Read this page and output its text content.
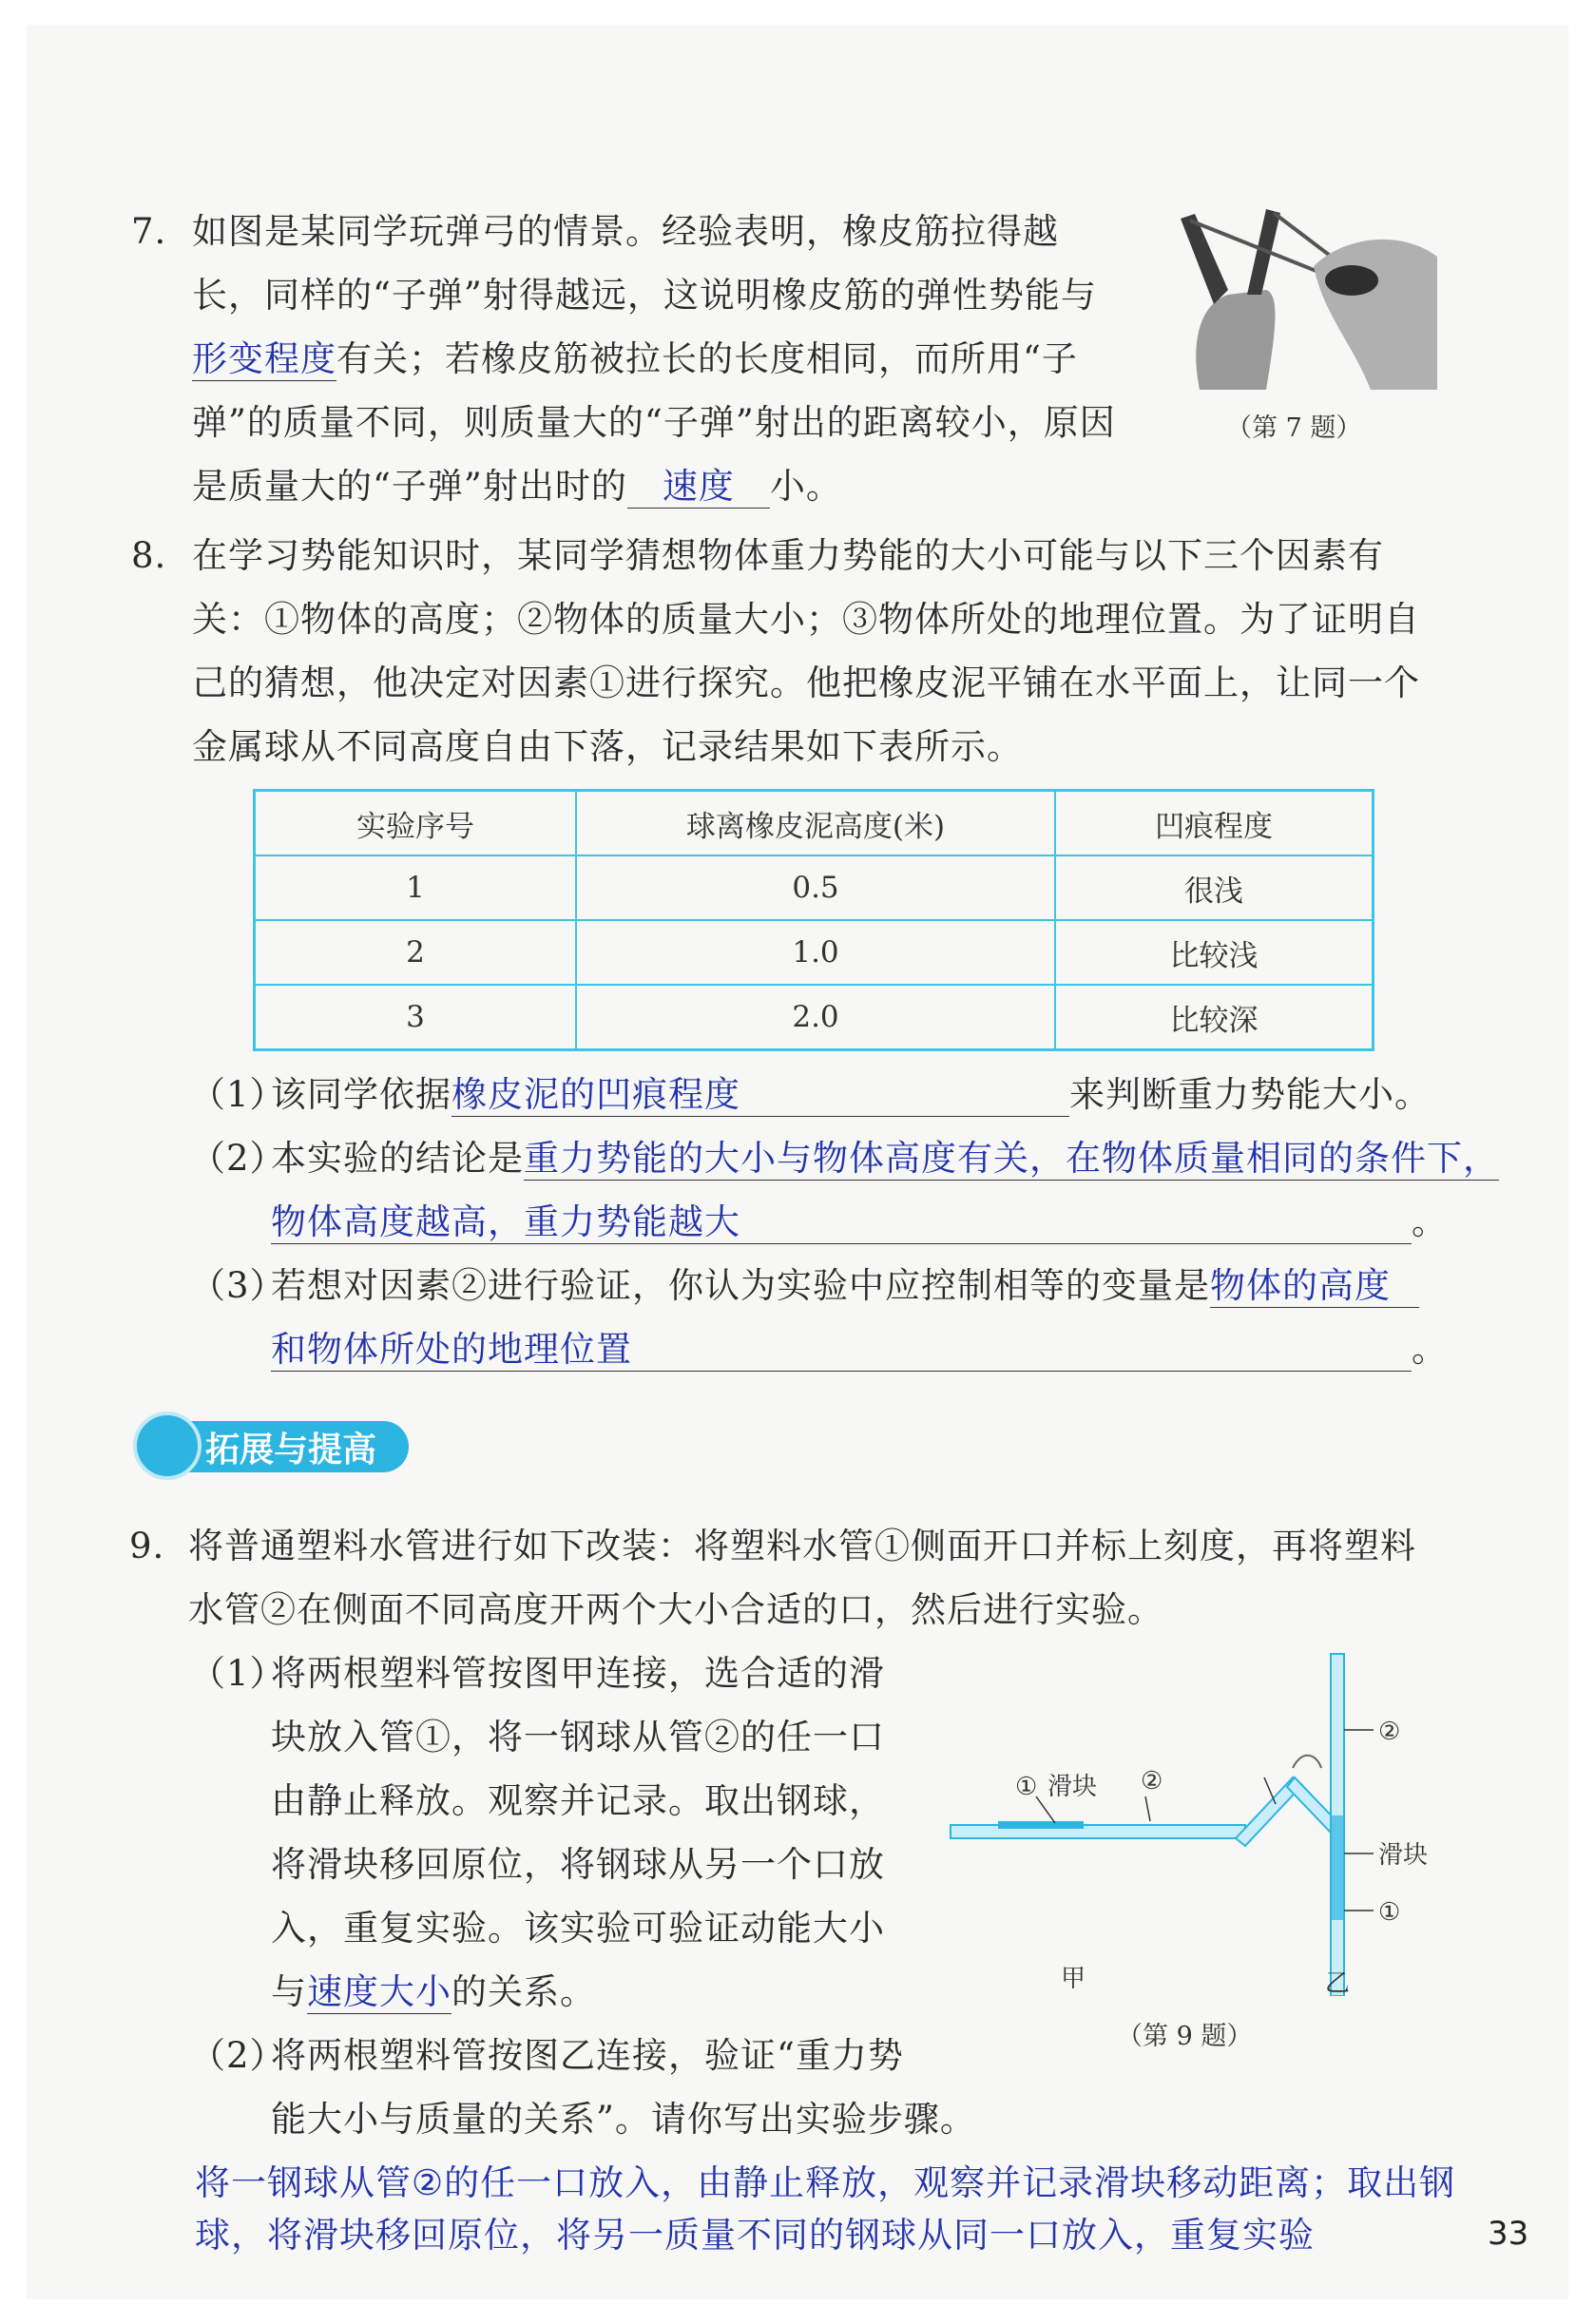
7. 如图是某同学玩弹弓的情景。经验表明，橡皮筋拉得越
长，同样的“子弹”射得越远，这说明橡皮筋的弹性势能与
形变程度有关；若橡皮筋被拉长的长度相同，而所用“子
弹”的质量不同，则质量大的“子弹”射出的距离较小，原因
是质量大的“子弹”射出时的 速度 小。
（第 7 题）
8. 在学习势能知识时，某同学猜想物体重力势能的大小可能与以下三个因素有
关：①物体的高度；②物体的质量大小；③物体所处的地理位置。为了证明自
己的猜想，他决定对因素①进行探究。他把橡皮泥平铺在水平面上，让同一个
金属球从不同高度自由下落，记录结果如下表所示。
实验序号	球离橡皮泥高度(米)	凹痕程度
1	0.5	很浅
2	1.0	比较浅
3	2.0	比较深
（1）
该同学依据橡皮泥的凹痕程度	来判断重力势能大小。
（2）
本实验的结论是重力势能的大小与物体高度有关，在物体质量相同的条件下，
物体高度越高，重力势能越大	。
（3）
若想对因素②进行验证，你认为实验中应控制相等的变量是物体的高度
和物体所处的地理位置	。
拓展与提高
9. 将普通塑料水管进行如下改装：将塑料水管①侧面开口并标上刻度，再将塑料
水管②在侧面不同高度开两个大小合适的口，然后进行实验。
（1）
将两根塑料管按图甲连接，选合适的滑
块放入管①，将一钢球从管②的任一口
由静止释放。观察并记录。取出钢球，
将滑块移回原位，将钢球从另一个口放
入，重复实验。该实验可验证动能大小
与速度大小的关系。
（2）
将两根塑料管按图乙连接，验证“重力势
能大小与质量的关系”。请你写出实验步骤。
将一钢球从管②的任一口放入，由静止释放，观察并记录滑块移动距离；取出钢
球，将滑块移回原位，将另一质量不同的钢球从同一口放入，重复实验
① 滑块 ②
甲	乙
②
滑块
①
（第 9 题）
33
